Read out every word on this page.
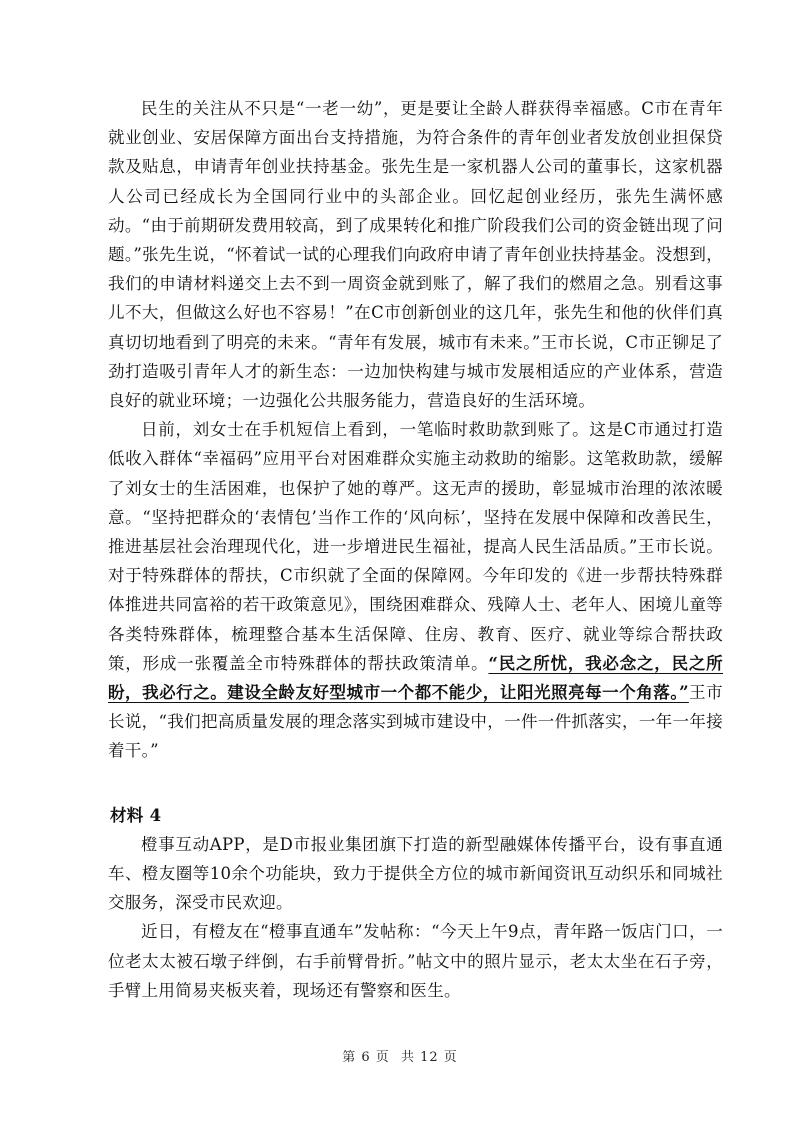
民生的关注从不只是“一老一幼”，更是要让全龄人群获得幸福感。C市在青年就业创业、安居保障方面出台支持措施，为符合条件的青年创业者发放创业担保贷款及贴息，申请青年创业扶持基金。张先生是一家机器人公司的董事长，这家机器人公司已经成长为全国同行业中的头部企业。回忆起创业经历，张先生满怀感动。“由于前期研发费用较高，到了成果转化和推广阶段我们公司的资金链出现了问题。”张先生说，“怀着试一试的心理我们向政府申请了青年创业扶持基金。没想到，我们的申请材料递交上去不到一周资金就到账了，解了我们的燃眉之急。别看这事儿不大，但做这么好也不容易！”在C市创新创业的这几年，张先生和他的伙伴们真真切切地看到了明亮的未来。“青年有发展，城市有未来。”王市长说，C市正铆足了劲打造吸引青年人才的新生态：一边加快构建与城市发展相适应的产业体系，营造良好的就业环境；一边强化公共服务能力，营造良好的生活环境。

日前，刘女士在手机短信上看到，一笔临时救助款到账了。这是C市通过打造低收入群体“幸福码”应用平台对困难群众实施主动救助的缩影。这笔救助款，缓解了刘女士的生活困难，也保护了她的尊严。这无声的援助，彰显城市治理的浓浓暖意。“坚持把群众的‘表情包’当作工作的‘风向标’，坚持在发展中保障和改善民生，推进基层社会治理现代化，进一步增进民生福祉，提高人民生活品质。”王市长说。对于特殊群体的帮扶，C市织就了全面的保障网。今年印发的《进一步帮扶特殊群体推进共同富裕的若干政策意见》，围绕困难群众、残障人士、老年人、困境儿童等各类特殊群体，梳理整合基本生活保障、住房、教育、医疗、就业等综合帮扶政策，形成一张覆盖全市特殊群体的帮扶政策清单。“民之所忧，我必念之，民之所盼，我必行之。建设全龄友好型城市一个都不能少，让阳光照亮每一个角落。”王市长说，“我们把高质量发展的理念落实到城市建设中，一件一件抓落实，一年一年接着干。”

材料 4

橙事互动APP，是D市报业集团旗下打造的新型融媒体传播平台，设有事直通车、橙友圈等10余个功能块，致力于提供全方位的城市新闻资讯互动织乐和同城社交服务，深受市民欢迎。

近日，有橙友在“橙事直通车”发帖称：“今天上午9点，青年路一饭店门口，一位老太太被石墩子绊倒，右手前臂骨折。”帖文中的照片显示，老太太坐在石子旁，手臂上用简易夹板夹着，现场还有警察和医生。

第 6 页 共 12 页
